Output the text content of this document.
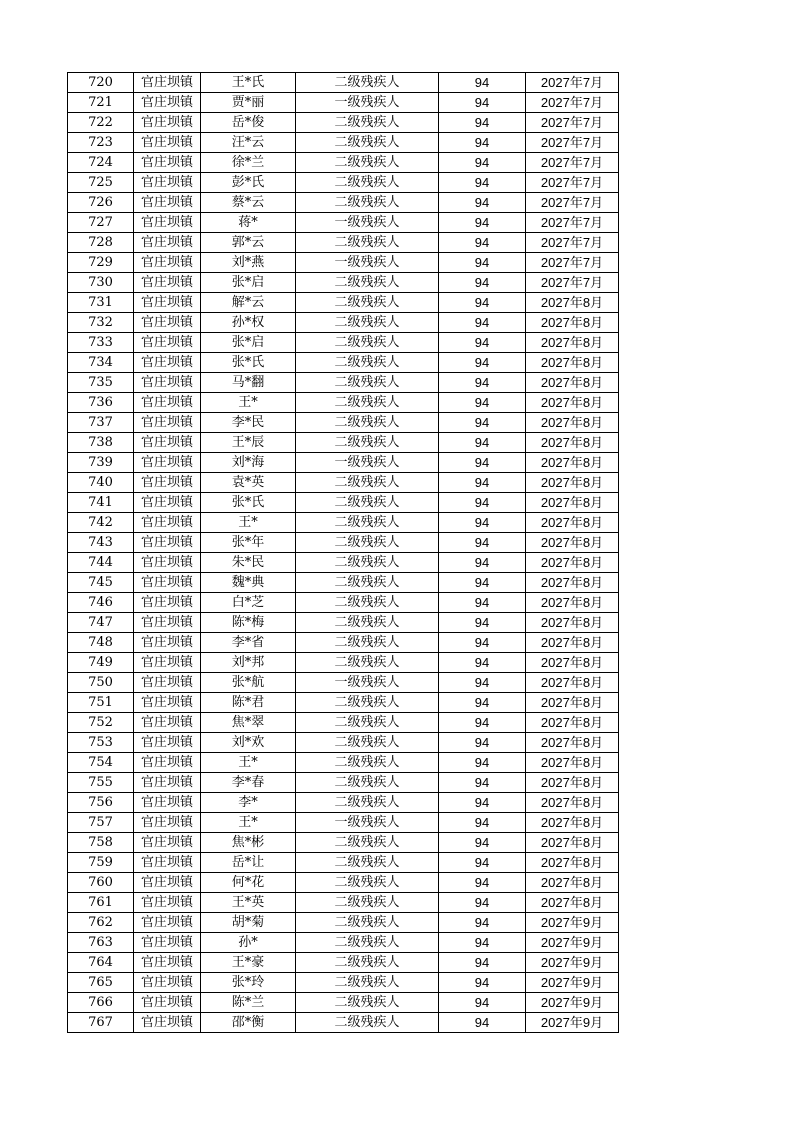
720	官庄坝镇	王*氏	二级残疾人	94	2027年7月
721	官庄坝镇	贾*丽	一级残疾人	94	2027年7月
722	官庄坝镇	岳*俊	二级残疾人	94	2027年7月
723	官庄坝镇	汪*云	二级残疾人	94	2027年7月
724	官庄坝镇	徐*兰	二级残疾人	94	2027年7月
725	官庄坝镇	彭*氏	二级残疾人	94	2027年7月
726	官庄坝镇	蔡*云	二级残疾人	94	2027年7月
727	官庄坝镇	蒋*	一级残疾人	94	2027年7月
728	官庄坝镇	郭*云	二级残疾人	94	2027年7月
729	官庄坝镇	刘*燕	一级残疾人	94	2027年7月
730	官庄坝镇	张*启	二级残疾人	94	2027年7月
731	官庄坝镇	解*云	二级残疾人	94	2027年8月
732	官庄坝镇	孙*权	二级残疾人	94	2027年8月
733	官庄坝镇	张*启	二级残疾人	94	2027年8月
734	官庄坝镇	张*氏	二级残疾人	94	2027年8月
735	官庄坝镇	马*翻	二级残疾人	94	2027年8月
736	官庄坝镇	王*	二级残疾人	94	2027年8月
737	官庄坝镇	李*民	二级残疾人	94	2027年8月
738	官庄坝镇	王*辰	二级残疾人	94	2027年8月
739	官庄坝镇	刘*海	一级残疾人	94	2027年8月
740	官庄坝镇	袁*英	二级残疾人	94	2027年8月
741	官庄坝镇	张*氏	二级残疾人	94	2027年8月
742	官庄坝镇	王*	二级残疾人	94	2027年8月
743	官庄坝镇	张*年	二级残疾人	94	2027年8月
744	官庄坝镇	朱*民	二级残疾人	94	2027年8月
745	官庄坝镇	魏*典	二级残疾人	94	2027年8月
746	官庄坝镇	白*芝	二级残疾人	94	2027年8月
747	官庄坝镇	陈*梅	二级残疾人	94	2027年8月
748	官庄坝镇	李*省	二级残疾人	94	2027年8月
749	官庄坝镇	刘*邦	二级残疾人	94	2027年8月
750	官庄坝镇	张*航	一级残疾人	94	2027年8月
751	官庄坝镇	陈*君	二级残疾人	94	2027年8月
752	官庄坝镇	焦*翠	二级残疾人	94	2027年8月
753	官庄坝镇	刘*欢	二级残疾人	94	2027年8月
754	官庄坝镇	王*	二级残疾人	94	2027年8月
755	官庄坝镇	李*春	二级残疾人	94	2027年8月
756	官庄坝镇	李*	二级残疾人	94	2027年8月
757	官庄坝镇	王*	一级残疾人	94	2027年8月
758	官庄坝镇	焦*彬	二级残疾人	94	2027年8月
759	官庄坝镇	岳*让	二级残疾人	94	2027年8月
760	官庄坝镇	何*花	二级残疾人	94	2027年8月
761	官庄坝镇	王*英	二级残疾人	94	2027年8月
762	官庄坝镇	胡*菊	二级残疾人	94	2027年9月
763	官庄坝镇	孙*	二级残疾人	94	2027年9月
764	官庄坝镇	王*豪	二级残疾人	94	2027年9月
765	官庄坝镇	张*玲	二级残疾人	94	2027年9月
766	官庄坝镇	陈*兰	二级残疾人	94	2027年9月
767	官庄坝镇	邵*衡	二级残疾人	94	2027年9月
